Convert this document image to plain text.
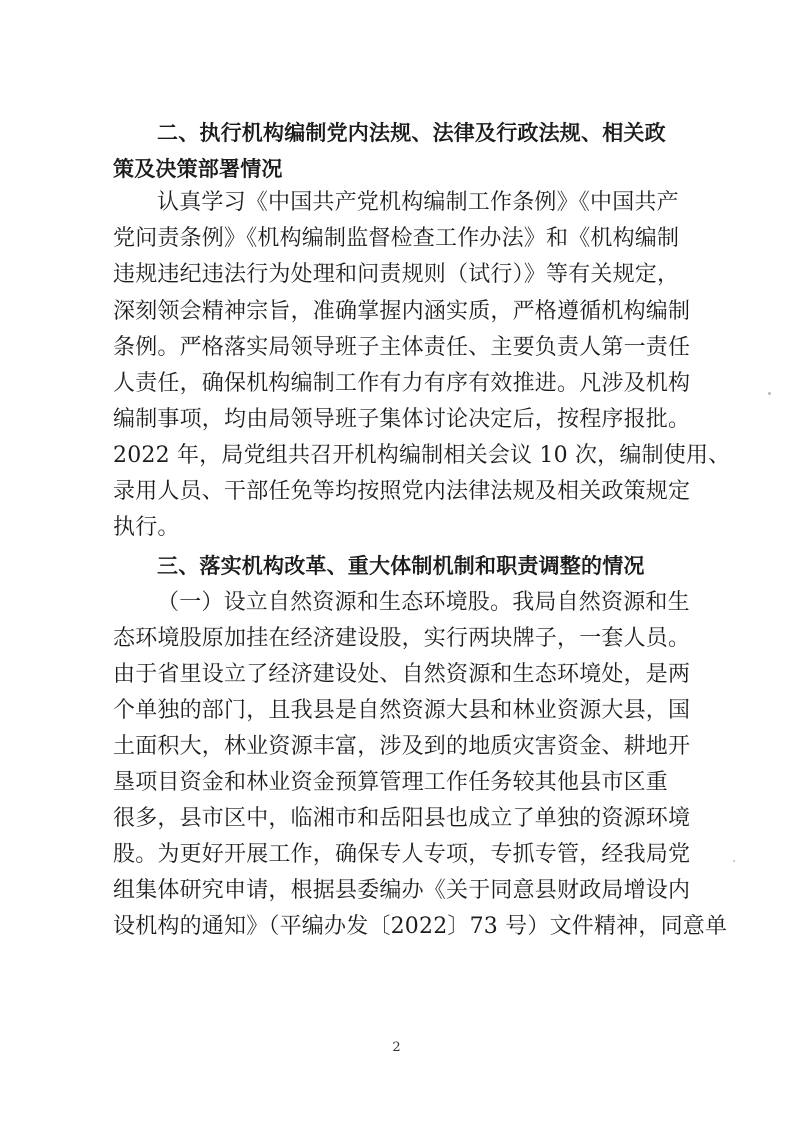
二、执行机构编制党内法规、法律及行政法规、相关政
策及决策部署情况
认真学习《中国共产党机构编制工作条例》《中国共产
党问责条例》《机构编制监督检查工作办法》和《机构编制
违规违纪违法行为处理和问责规则（试行）》等有关规定，
深刻领会精神宗旨，准确掌握内涵实质，严格遵循机构编制
条例。严格落实局领导班子主体责任、主要负责人第一责任
人责任，确保机构编制工作有力有序有效推进。凡涉及机构
编制事项，均由局领导班子集体讨论决定后，按程序报批。
2022 年，局党组共召开机构编制相关会议 10 次，编制使用、
录用人员、干部任免等均按照党内法律法规及相关政策规定
执行。
三、落实机构改革、重大体制机制和职责调整的情况
（一）设立自然资源和生态环境股。我局自然资源和生
态环境股原加挂在经济建设股，实行两块牌子，一套人员。
由于省里设立了经济建设处、自然资源和生态环境处，是两
个单独的部门，且我县是自然资源大县和林业资源大县，国
土面积大，林业资源丰富，涉及到的地质灾害资金、耕地开
垦项目资金和林业资金预算管理工作任务较其他县市区重
很多，县市区中，临湘市和岳阳县也成立了单独的资源环境
股。为更好开展工作，确保专人专项，专抓专管，经我局党
组集体研究申请，根据县委编办《关于同意县财政局增设内
设机构的通知》（平编办发〔2022〕73 号）文件精神，同意单
2
